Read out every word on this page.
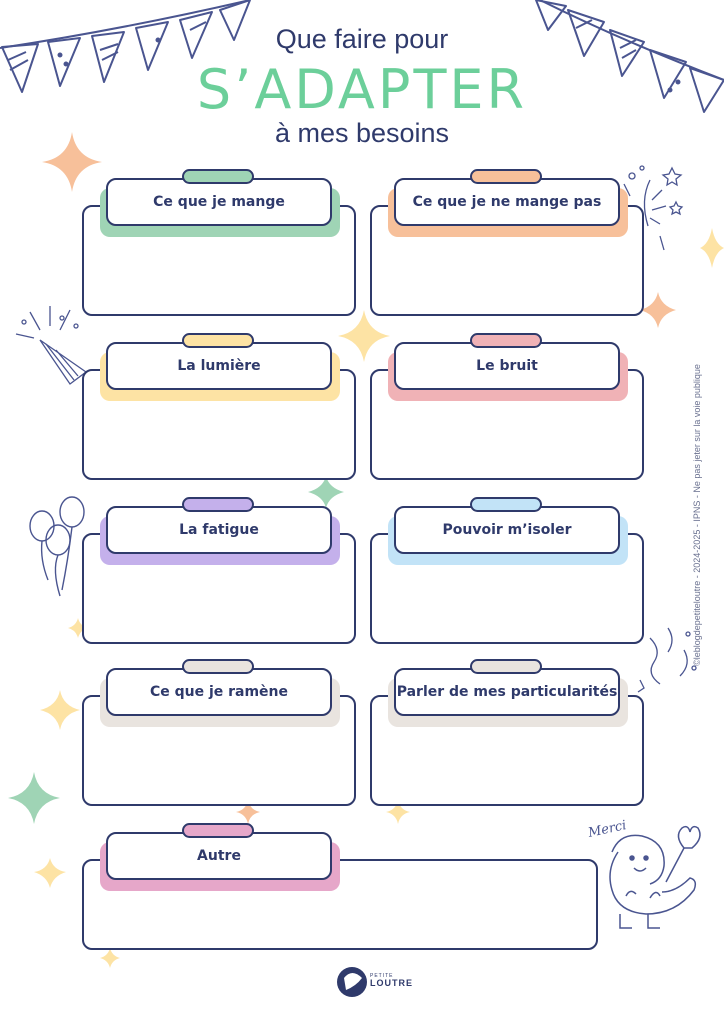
Que faire pour
S’ADAPTER
à mes besoins
Ce que je mange	Ce que je ne mange pas
La lumière	Le bruit
La fatigue	Pouvoir m’isoler
Ce que je ramène	Parler de mes particularités
Autre
©leblogdepetiteloutre - 2024-2025 - IPNS - Ne pas jeter sur la voie publique
Merci
PETITE
LOUTRE
